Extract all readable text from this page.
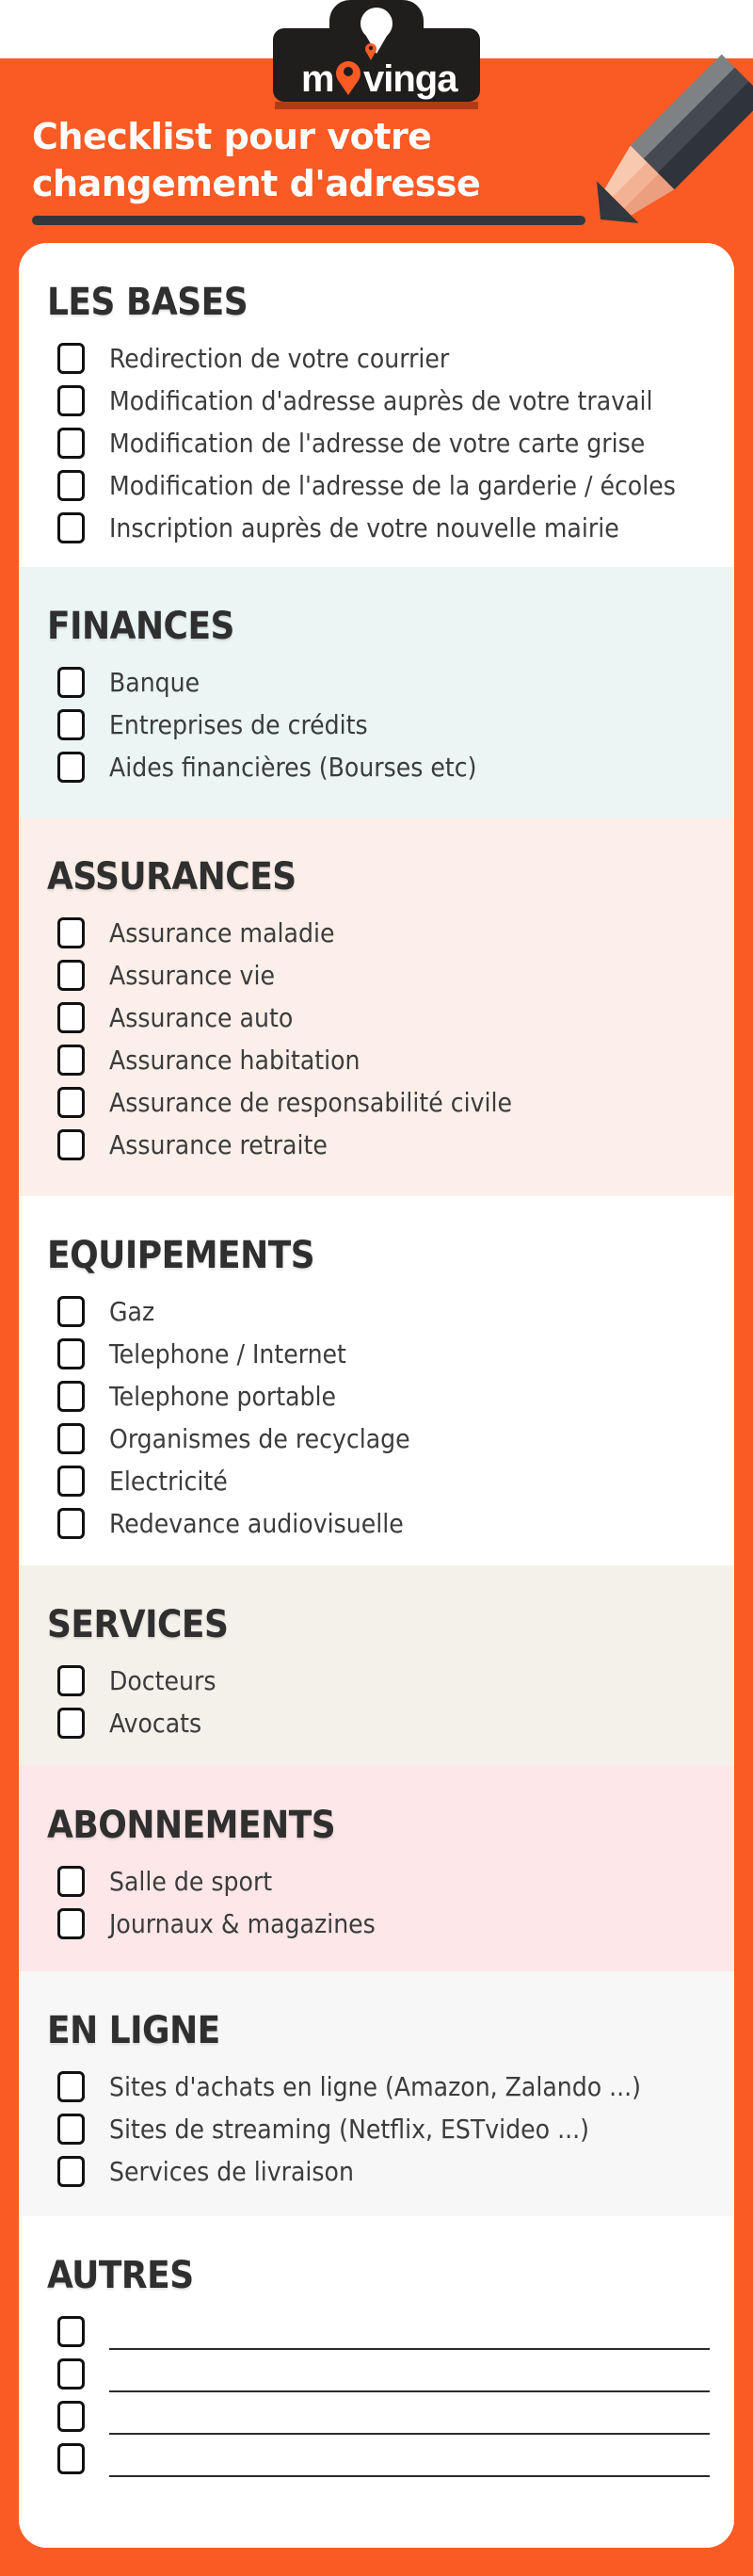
m vinga
Checklist pour votre
changement d'adresse
LES BASES
Redirection de votre courrier
Modification d'adresse auprès de votre travail
Modification de l'adresse de votre carte grise
Modification de l'adresse de la garderie / écoles
Inscription auprès de votre nouvelle mairie
FINANCES
Banque
Entreprises de crédits
Aides financières (Bourses etc)
ASSURANCES
Assurance maladie
Assurance vie
Assurance auto
Assurance habitation
Assurance de responsabilité civile
Assurance retraite
EQUIPEMENTS
Gaz
Telephone / Internet
Telephone portable
Organismes de recyclage
Electricité
Redevance audiovisuelle
SERVICES
Docteurs
Avocats
ABONNEMENTS
Salle de sport
Journaux & magazines
EN LIGNE
Sites d'achats en ligne (Amazon, Zalando ...)
Sites de streaming (Netflix, ESTvideo ...)
Services de livraison
AUTRES
